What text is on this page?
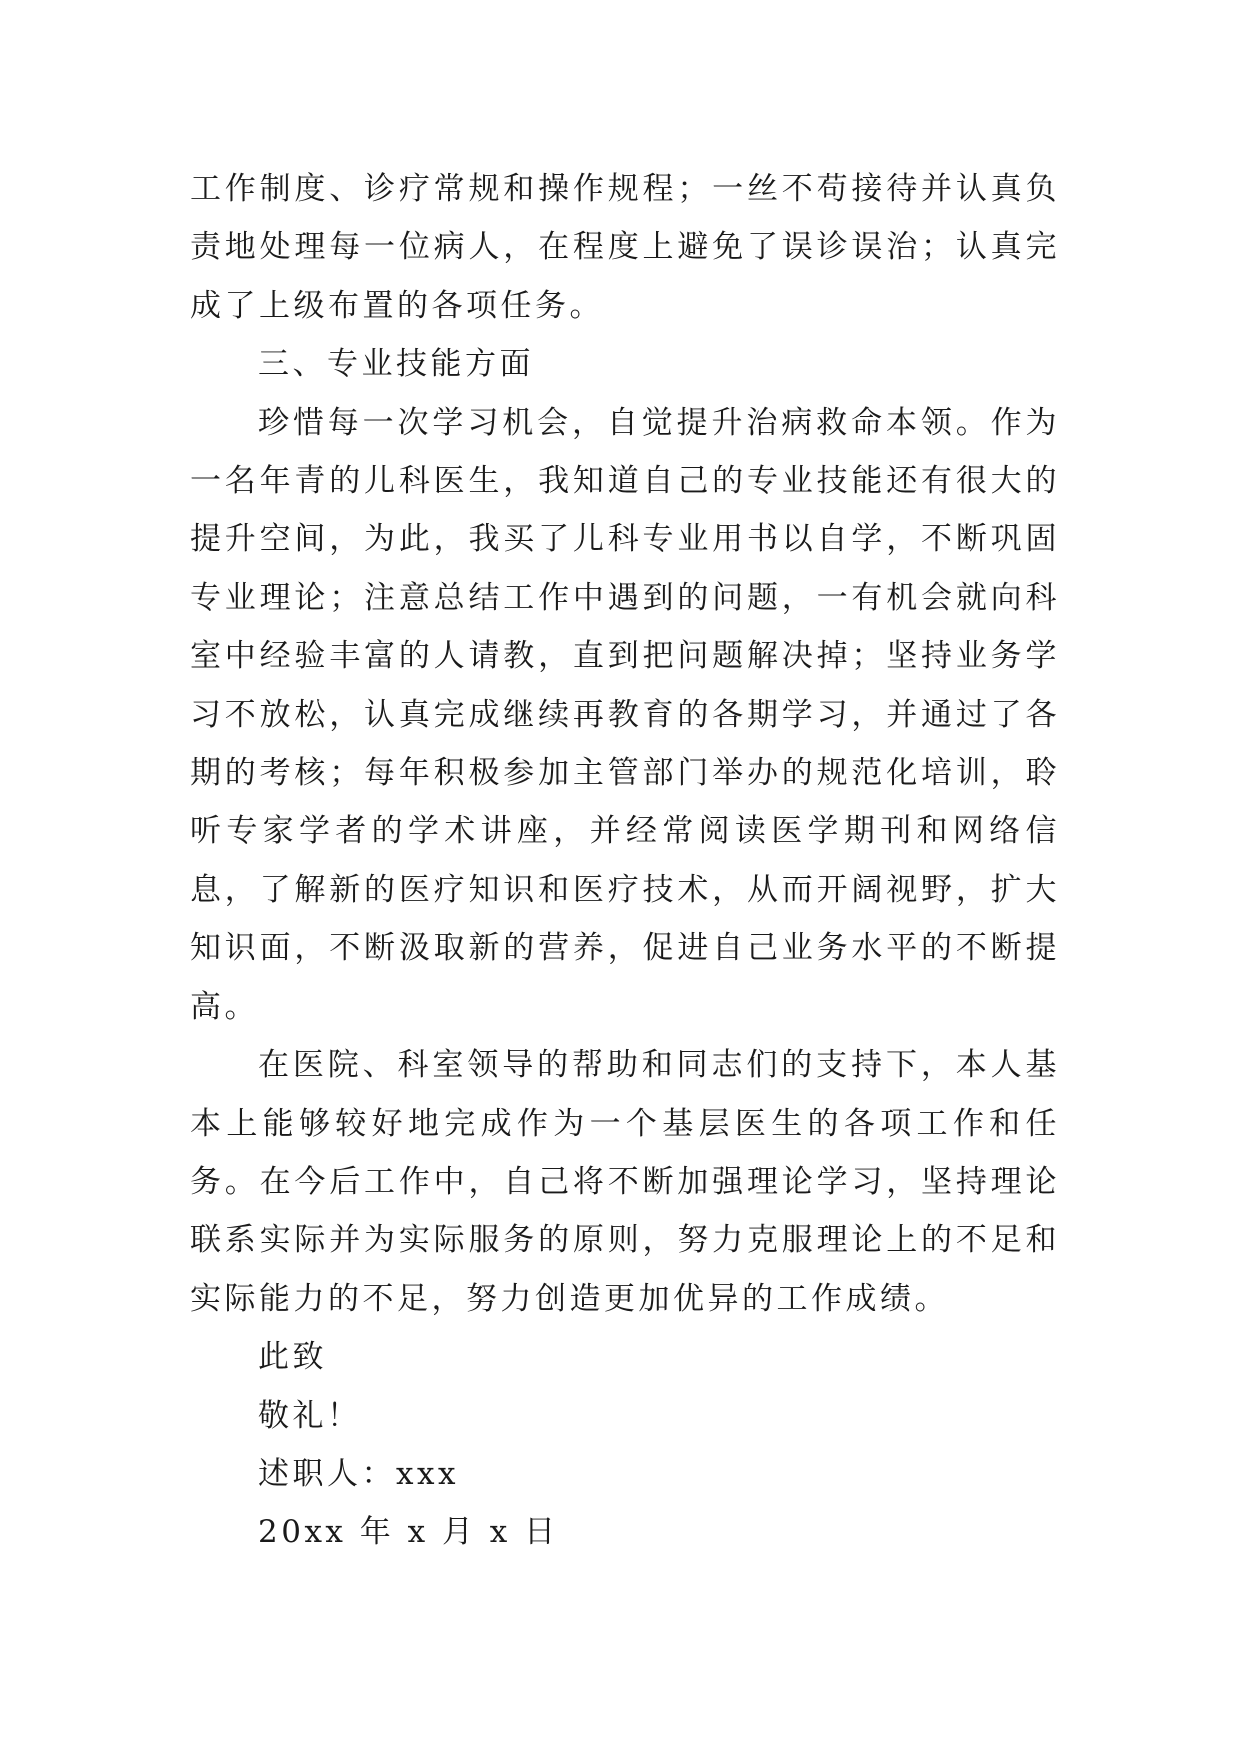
工作制度、诊疗常规和操作规程；一丝不苟接待并认真负责地处理每一位病人，在程度上避免了误诊误治；认真完成了上级布置的各项任务。

三、专业技能方面

珍惜每一次学习机会，自觉提升治病救命本领。作为一名年青的儿科医生，我知道自己的专业技能还有很大的提升空间，为此，我买了儿科专业用书以自学，不断巩固专业理论；注意总结工作中遇到的问题，一有机会就向科室中经验丰富的人请教，直到把问题解决掉；坚持业务学习不放松，认真完成继续再教育的各期学习，并通过了各期的考核；每年积极参加主管部门举办的规范化培训，聆听专家学者的学术讲座，并经常阅读医学期刊和网络信息，了解新的医疗知识和医疗技术，从而开阔视野，扩大知识面，不断汲取新的营养，促进自己业务水平的不断提高。

在医院、科室领导的帮助和同志们的支持下，本人基本上能够较好地完成作为一个基层医生的各项工作和任务。在今后工作中，自己将不断加强理论学习，坚持理论联系实际并为实际服务的原则，努力克服理论上的不足和实际能力的不足，努力创造更加优异的工作成绩。

此致

敬礼！

述职人：xxx

20xx 年 x 月 x 日
